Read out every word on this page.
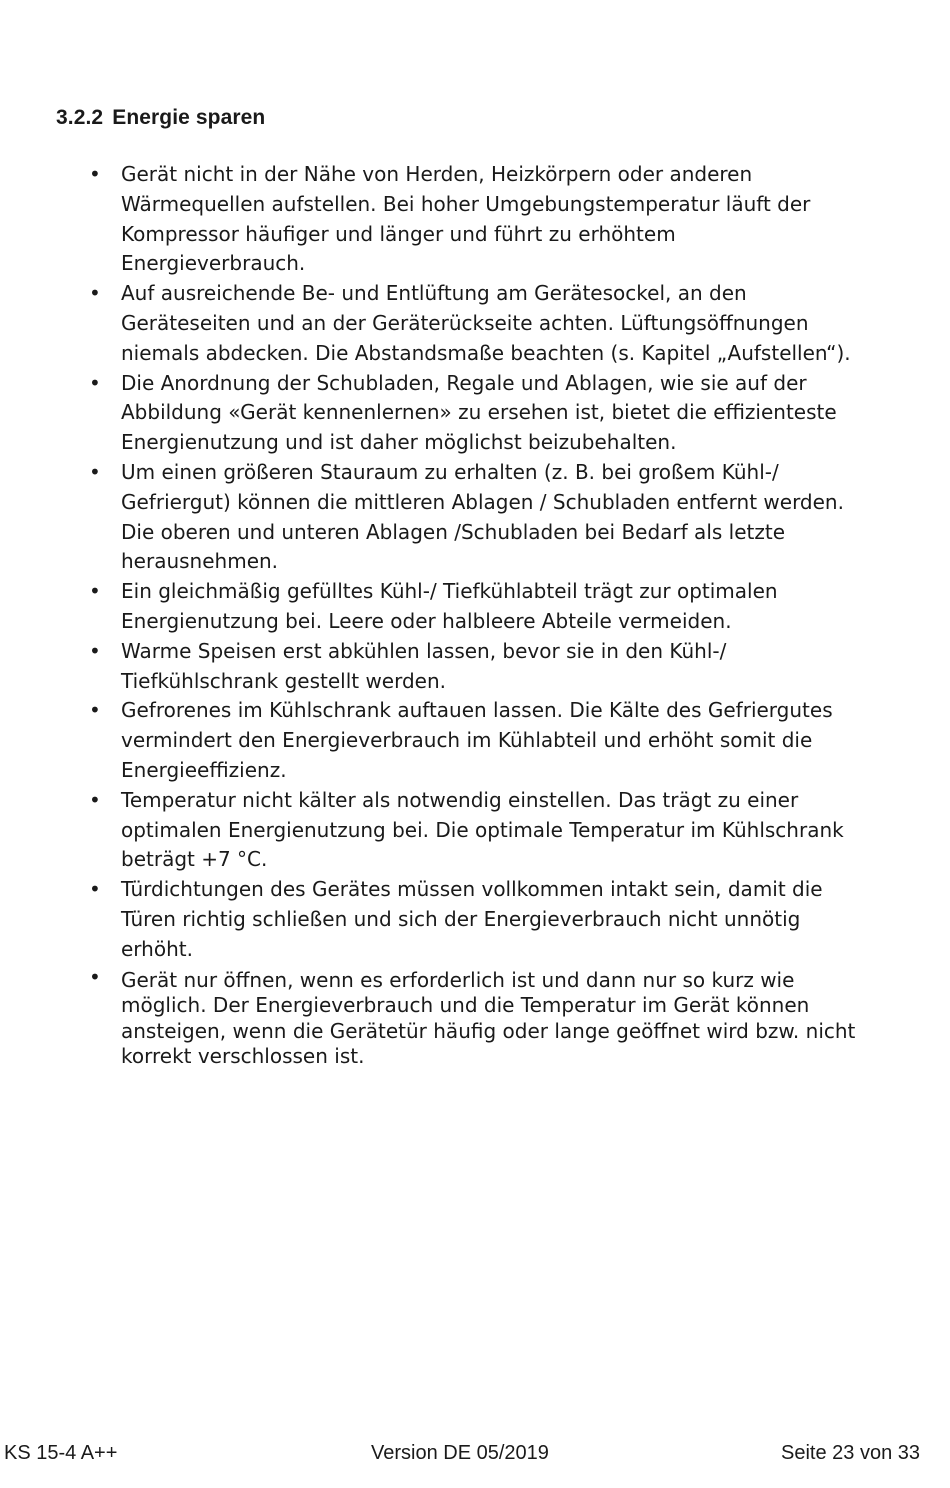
3.2.2 Energie sparen
• Gerät nicht in der Nähe von Herden, Heizkörpern oder anderen
Wärmequellen aufstellen. Bei hoher Umgebungstemperatur läuft der
Kompressor häufiger und länger und führt zu erhöhtem
Energieverbrauch.
• Auf ausreichende Be- und Entlüftung am Gerätesockel, an den
Geräteseiten und an der Geräterückseite achten. Lüftungsöffnungen
niemals abdecken. Die Abstandsmaße beachten (s. Kapitel „Aufstellen“).
• Die Anordnung der Schubladen, Regale und Ablagen, wie sie auf der
Abbildung «Gerät kennenlernen» zu ersehen ist, bietet die effizienteste
Energienutzung und ist daher möglichst beizubehalten.
• Um einen größeren Stauraum zu erhalten (z. B. bei großem Kühl-/
Gefriergut) können die mittleren Ablagen / Schubladen entfernt werden.
Die oberen und unteren Ablagen /Schubladen bei Bedarf als letzte
herausnehmen.
• Ein gleichmäßig gefülltes Kühl-/ Tiefkühlabteil trägt zur optimalen
Energienutzung bei. Leere oder halbleere Abteile vermeiden.
• Warme Speisen erst abkühlen lassen, bevor sie in den Kühl-/
Tiefkühlschrank gestellt werden.
• Gefrorenes im Kühlschrank auftauen lassen. Die Kälte des Gefriergutes
vermindert den Energieverbrauch im Kühlabteil und erhöht somit die
Energieeffizienz.
• Temperatur nicht kälter als notwendig einstellen. Das trägt zu einer
optimalen Energienutzung bei. Die optimale Temperatur im Kühlschrank
beträgt +7 °C.
• Türdichtungen des Gerätes müssen vollkommen intakt sein, damit die
Türen richtig schließen und sich der Energieverbrauch nicht unnötig
erhöht.
• Gerät nur öffnen, wenn es erforderlich ist und dann nur so kurz wie
möglich. Der Energieverbrauch und die Temperatur im Gerät können
ansteigen, wenn die Gerätetür häufig oder lange geöffnet wird bzw. nicht
korrekt verschlossen ist.
KS 15-4 A++	Version DE 05/2019	Seite 23 von 33
